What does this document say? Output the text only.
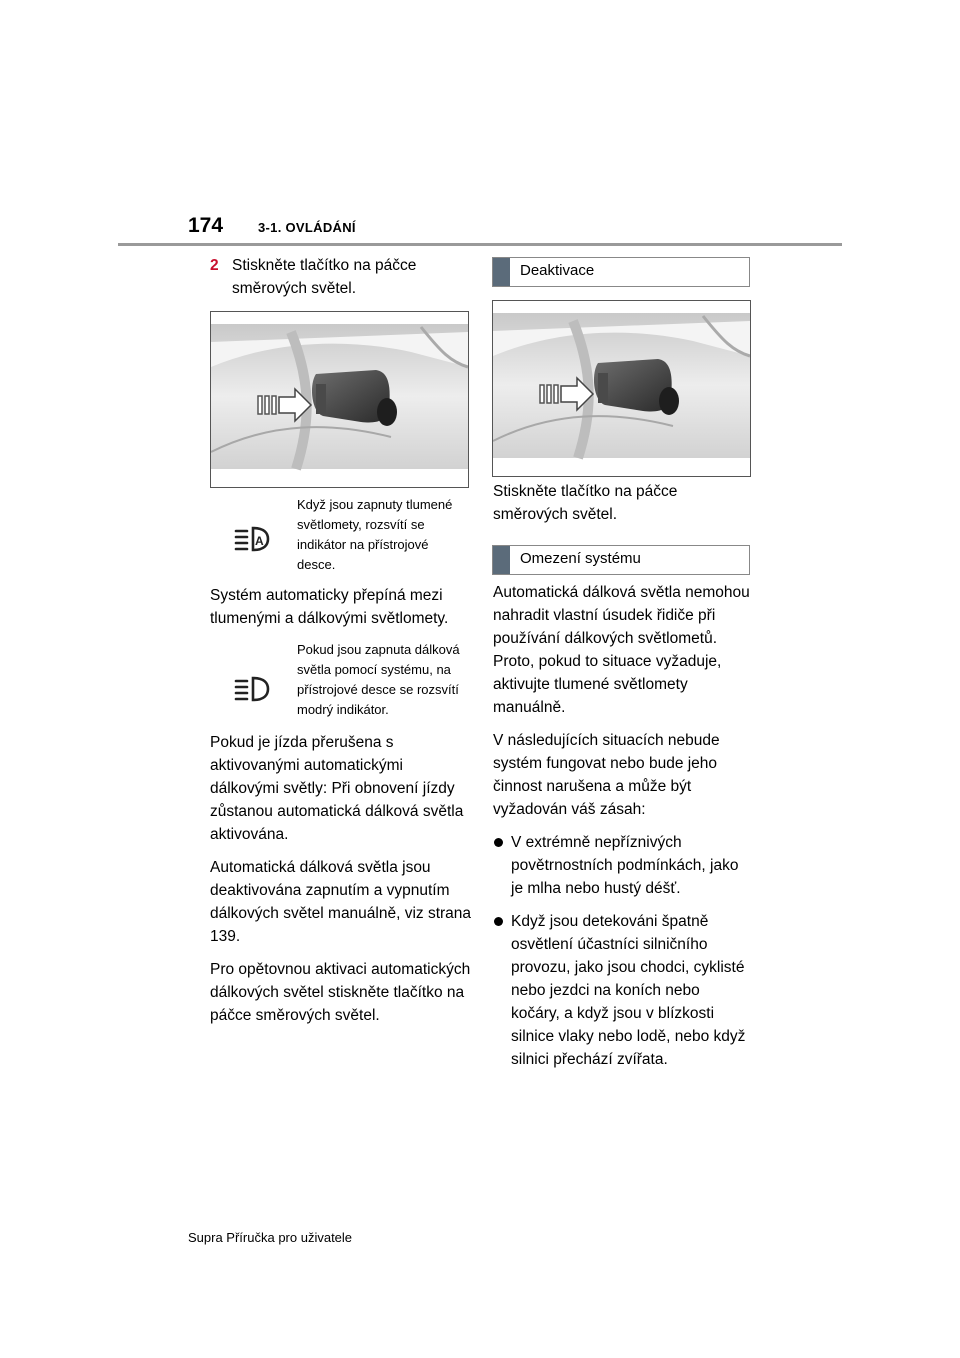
174	3-1. OVLÁDÁNÍ
2 Stiskněte tlačítko na páčce směrových světel.
A
Když jsou zapnuty tlumené světlomety, rozsvítí se indikátor na přístrojové desce.

Systém automaticky přepíná mezi tlumenými a dálkovými světlomety.

Pokud jsou zapnuta dálková světla pomocí systému, na přístrojové desce se rozsvítí modrý indikátor.

Pokud je jízda přerušena s aktivovanými automatickými dálkovými světly: Při obnovení jízdy zůstanou automatická dálková světla aktivována.

Automatická dálková světla jsou deaktivována zapnutím a vypnutím dálkových světel manuálně, viz strana 139.

Pro opětovnou aktivaci automatických dálkových světel stiskněte tlačítko na páčce směrových světel.

Deaktivace

Stiskněte tlačítko na páčce směrových světel.

Omezení systému

Automatická dálková světla nemohou nahradit vlastní úsudek řidiče při používání dálkových světlometů. Proto, pokud to situace vyžaduje, aktivujte tlumené světlomety manuálně.

V následujících situacích nebude systém fungovat nebo bude jeho činnost narušena a může být vyžadován váš zásah:

V extrémně nepříznivých povětrnostních podmínkách, jako je mlha nebo hustý déšť.
Když jsou detekováni špatně osvětlení účastníci silničního provozu, jako jsou chodci, cyklisté nebo jezdci na koních nebo kočáry, a když jsou v blízkosti silnice vlaky nebo lodě, nebo když silnici přechází zvířata.
Supra Příručka pro uživatele
